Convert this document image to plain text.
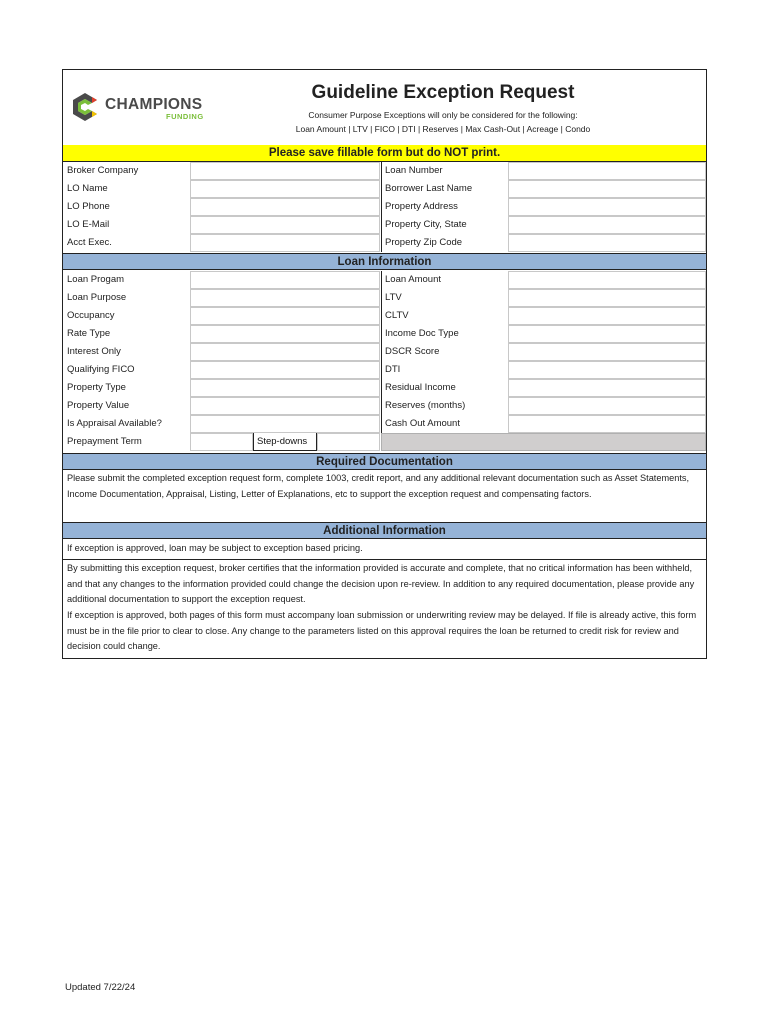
CHAMPIONS
FUNDING
Guideline Exception Request
Consumer Purpose Exceptions will only be considered for the following:
Loan Amount | LTV | FICO | DTI | Reserves | Max Cash-Out | Acreage | Condo
Please save fillable form but do NOT print.
Broker Company	Loan Number
LO Name	Borrower Last Name
LO Phone	Property Address
LO E-Mail	Property City, State
Acct Exec.	Property Zip Code
Loan Information
Loan Progam	Loan Amount
Loan Purpose	LTV
Occupancy	CLTV
Rate Type	Income Doc Type
Interest Only	DSCR Score
Qualifying FICO	DTI
Property Type	Residual Income
Property Value	Reserves (months)
Is Appraisal Available?	Cash Out Amount
Prepayment Term	Step-downs
Required Documentation
Please submit the completed exception request form, complete 1003, credit report, and any additional relevant documentation such as Asset Statements, Income Documentation, Appraisal, Listing, Letter of Explanations, etc to support the exception request and compensating factors.
Additional Information
If exception is approved, loan may be subject to exception based pricing.
By submitting this exception request, broker certifies that the information provided is accurate and complete, that no critical information has been withheld, and that any changes to the information provided could change the decision upon re-review. In addition to any required documentation, please provide any additional documentation to support the exception request.
If exception is approved, both pages of this form must accompany loan submission or underwriting review may be delayed. If file is already active, this form must be in the file prior to clear to close. Any change to the parameters listed on this approval requires the loan be returned to credit risk for review and decision could change.
Updated 7/22/24
